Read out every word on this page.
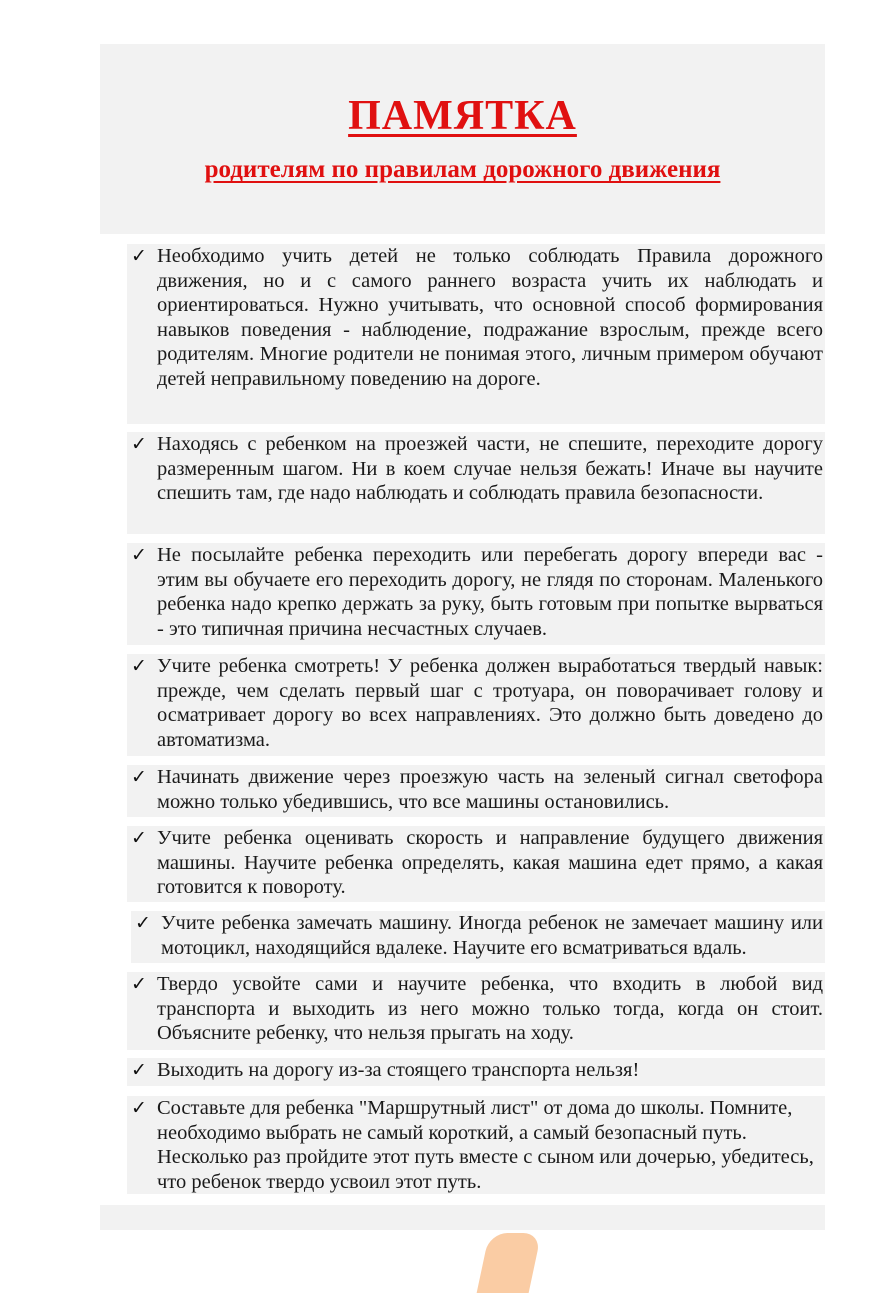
ПАМЯТКА
родителям по правилам дорожного движения
✓ Необходимо учить детей не только соблюдать Правила дорожного движения, но и с самого раннего возраста учить их наблюдать и ориентироваться. Нужно учитывать, что основной способ формирования навыков поведения - наблюдение, подражание взрослым, прежде всего родителям. Многие родители не понимая этого, личным примером обучают детей неправильному поведению на дороге.
✓ Находясь с ребенком на проезжей части, не спешите, переходите дорогу размеренным шагом. Ни в коем случае нельзя бежать! Иначе вы научите спешить там, где надо наблюдать и соблюдать правила безопасности.
✓ Не посылайте ребенка переходить или перебегать дорогу впереди вас - этим вы обучаете его переходить дорогу, не глядя по сторонам. Маленького ребенка надо крепко держать за руку, быть готовым при попытке вырваться - это типичная причина несчастных случаев.
✓ Учите ребенка смотреть! У ребенка должен выработаться твердый навык: прежде, чем сделать первый шаг с тротуара, он поворачивает голову и осматривает дорогу во всех направлениях. Это должно быть доведено до автоматизма.
✓ Начинать движение через проезжую часть на зеленый сигнал светофора можно только убедившись, что все машины остановились.
✓ Учите ребенка оценивать скорость и направление будущего движения машины. Научите ребенка определять, какая машина едет прямо, а какая готовится к повороту.
✓ Учите ребенка замечать машину. Иногда ребенок не замечает машину или мотоцикл, находящийся вдалеке. Научите его всматриваться вдаль.
✓ Твердо усвойте сами и научите ребенка, что входить в любой вид транспорта и выходить из него можно только тогда, когда он стоит. Объясните ребенку, что нельзя прыгать на ходу.
✓ Выходить на дорогу из-за стоящего транспорта нельзя!
✓ Составьте для ребенка "Маршрутный лист" от дома до школы. Помните, необходимо выбрать не самый короткий, а самый безопасный путь. Несколько раз пройдите этот путь вместе с сыном или дочерью, убедитесь, что ребенок твердо усвоил этот путь.
